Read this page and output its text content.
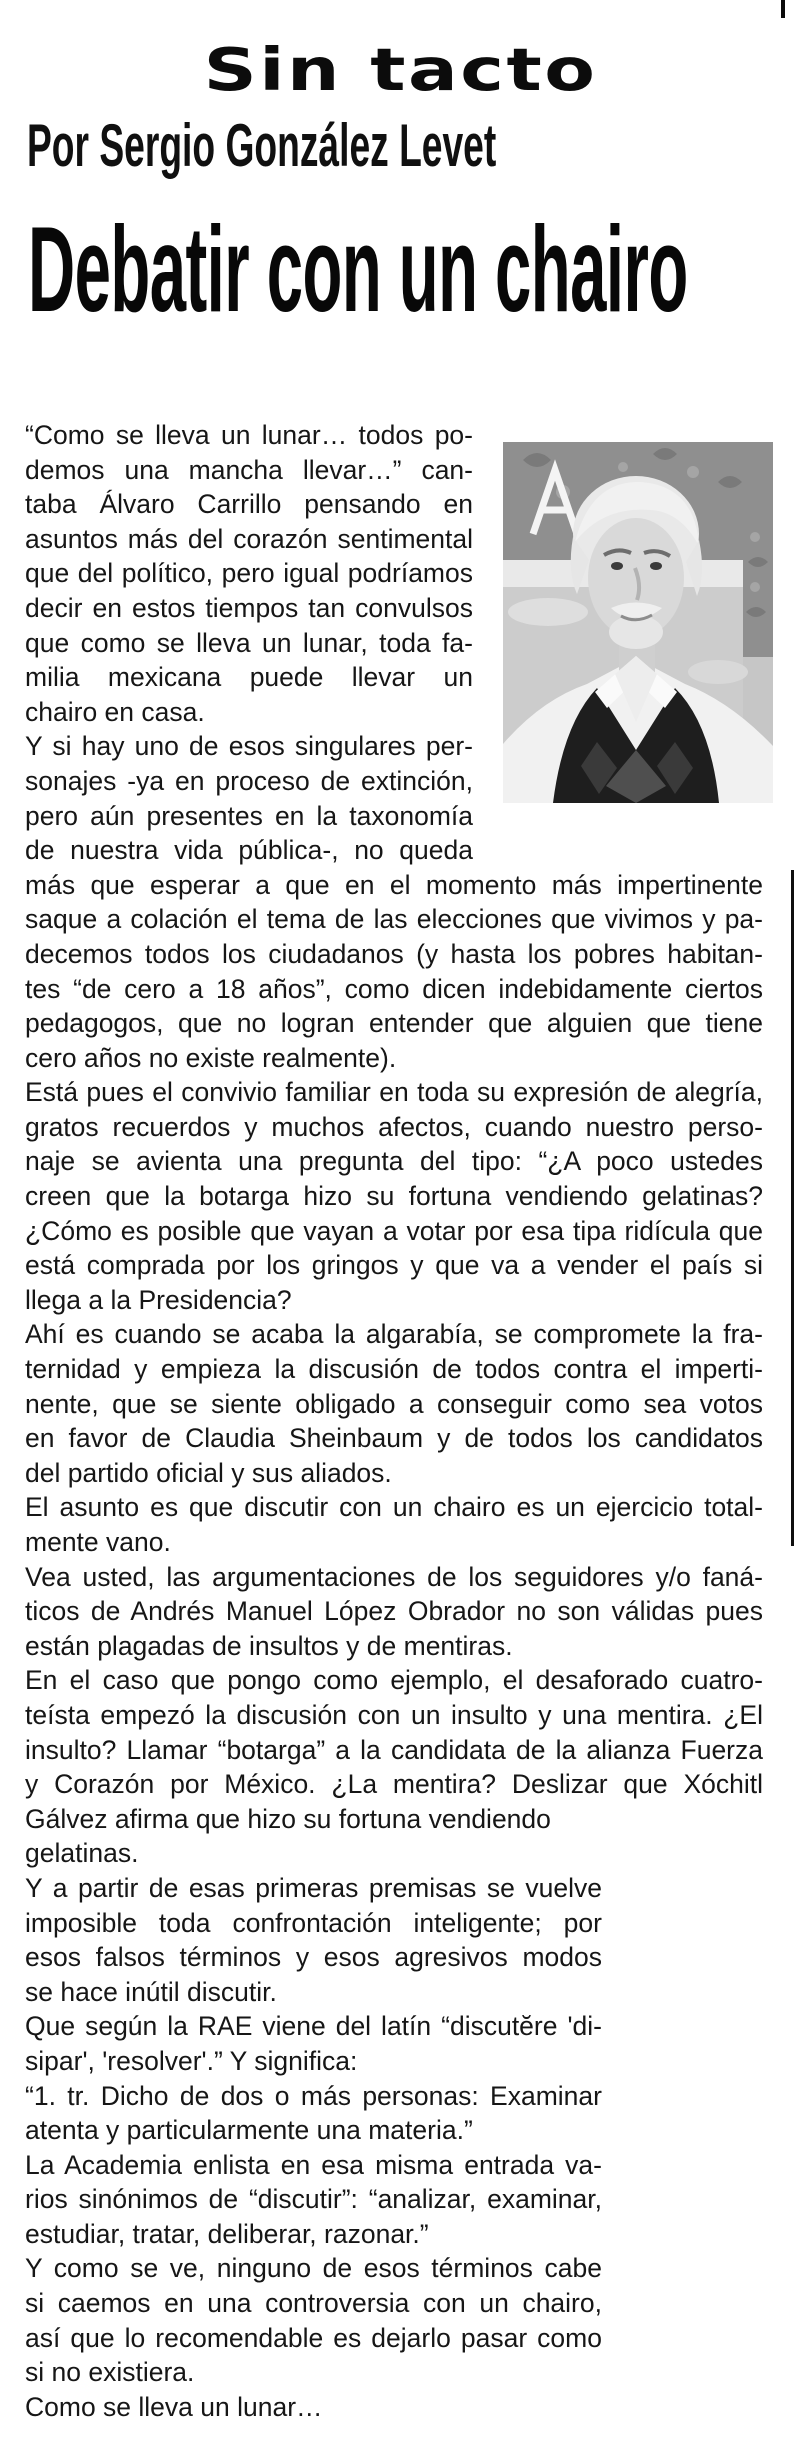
Sin tacto
Por Sergio González Levet
Debatir con un chairo
“Como se lleva un lunar… todos po-
demos una mancha llevar…” can-
taba Álvaro Carrillo pensando en
asuntos más del corazón sentimental
que del político, pero igual podríamos
decir en estos tiempos tan convulsos
que como se lleva un lunar, toda fa-
milia mexicana puede llevar un
chairo en casa.
Y si hay uno de esos singulares per-
sonajes -ya en proceso de extinción,
pero aún presentes en la taxonomía
de nuestra vida pública-, no queda
más que esperar a que en el momento más impertinente
saque a colación el tema de las elecciones que vivimos y pa-
decemos todos los ciudadanos (y hasta los pobres habitan-
tes “de cero a 18 años”, como dicen indebidamente ciertos
pedagogos, que no logran entender que alguien que tiene
cero años no existe realmente).
Está pues el convivio familiar en toda su expresión de alegría,
gratos recuerdos y muchos afectos, cuando nuestro perso-
naje se avienta una pregunta del tipo: “¿A poco ustedes
creen que la botarga hizo su fortuna vendiendo gelatinas?
¿Cómo es posible que vayan a votar por esa tipa ridícula que
está comprada por los gringos y que va a vender el país si
llega a la Presidencia?
Ahí es cuando se acaba la algarabía, se compromete la fra-
ternidad y empieza la discusión de todos contra el imperti-
nente, que se siente obligado a conseguir como sea votos
en favor de Claudia Sheinbaum y de todos los candidatos
del partido oficial y sus aliados.
El asunto es que discutir con un chairo es un ejercicio total-
mente vano.
Vea usted, las argumentaciones de los seguidores y/o faná-
ticos de Andrés Manuel López Obrador no son válidas pues
están plagadas de insultos y de mentiras.
En el caso que pongo como ejemplo, el desaforado cuatro-
teísta empezó la discusión con un insulto y una mentira. ¿El
insulto? Llamar “botarga” a la candidata de la alianza Fuerza
y Corazón por México. ¿La mentira? Deslizar que Xóchitl
Gálvez afirma que hizo su fortuna vendiendo
gelatinas.
Y a partir de esas primeras premisas se vuelve
imposible toda confrontación inteligente; por
esos falsos términos y esos agresivos modos
se hace inútil discutir.
Que según la RAE viene del latín “discutĕre 'di-
sipar', 'resolver'.” Y significa:
“1. tr. Dicho de dos o más personas: Examinar
atenta y particularmente una materia.”
La Academia enlista en esa misma entrada va-
rios sinónimos de “discutir”: “analizar, examinar,
estudiar, tratar, deliberar, razonar.”
Y como se ve, ninguno de esos términos cabe
si caemos en una controversia con un chairo,
así que lo recomendable es dejarlo pasar como
si no existiera.
Como se lleva un lunar…
